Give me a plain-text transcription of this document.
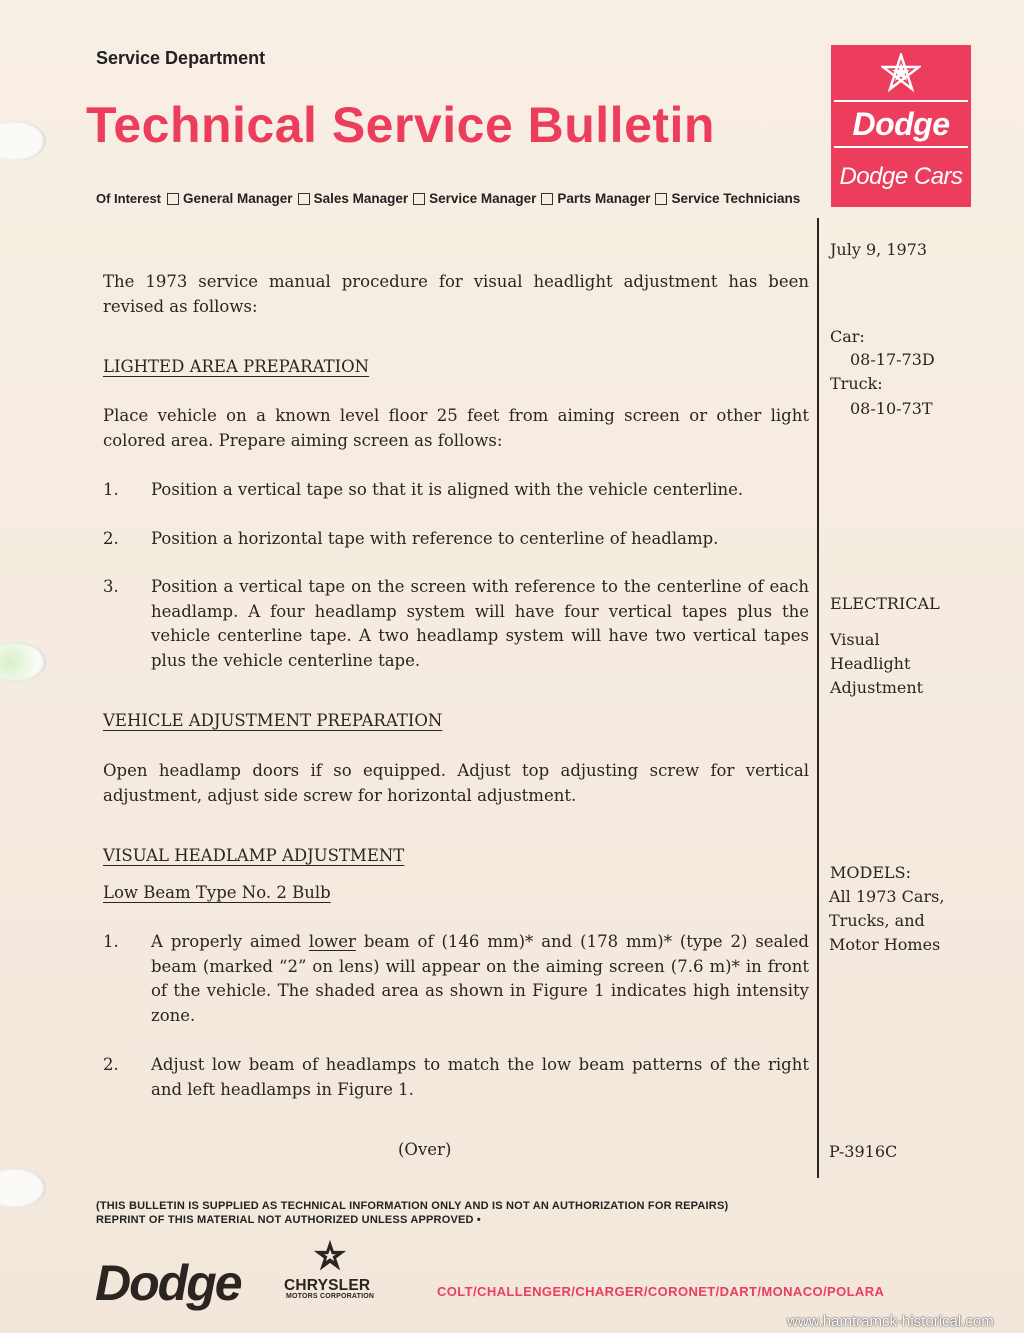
Service Department
Technical Service Bulletin
Of Interest General Manager Sales Manager Service Manager Parts Manager Service Technicians
Dodge
Dodge Cars
July 9, 1973
Car:
08-17-73D
Truck:
08-10-73T
ELECTRICAL
Visual
Headlight
Adjustment
MODELS:
All 1973 Cars,
Trucks, and
Motor Homes
The 1973 service manual procedure for visual headlight adjustment has been revised as follows:
LIGHTED AREA PREPARATION
Place vehicle on a known level floor 25 feet from aiming screen or other light colored area. Prepare aiming screen as follows:
1.	Position a vertical tape so that it is aligned with the vehicle centerline.
2.	Position a horizontal tape with reference to centerline of headlamp.
3.	Position a vertical tape on the screen with reference to the centerline of each headlamp. A four headlamp system will have four vertical tapes plus the vehicle centerline tape. A two headlamp system will have two vertical tapes plus the vehicle centerline tape.
VEHICLE ADJUSTMENT PREPARATION
Open headlamp doors if so equipped. Adjust top adjusting screw for vertical adjustment, adjust side screw for horizontal adjustment.
VISUAL HEADLAMP ADJUSTMENT
Low Beam Type No. 2 Bulb
1.	A properly aimed lower beam of (146 mm)* and (178 mm)* (type 2) sealed beam (marked “2” on lens) will appear on the aiming screen (7.6 m)* in front of the vehicle. The shaded area as shown in Figure 1 indicates high intensity zone.
2.	Adjust low beam of headlamps to match the low beam patterns of the right and left headlamps in Figure 1.
(Over)	P-3916C
(THIS BULLETIN IS SUPPLIED AS TECHNICAL INFORMATION ONLY AND IS NOT AN AUTHORIZATION FOR REPAIRS)
REPRINT OF THIS MATERIAL NOT AUTHORIZED UNLESS APPROVED •
Dodge	CHRYSLER
MOTORS CORPORATION	COLT/CHALLENGER/CHARGER/CORONET/DART/MONACO/POLARA
www.hamtramck-historical.com
